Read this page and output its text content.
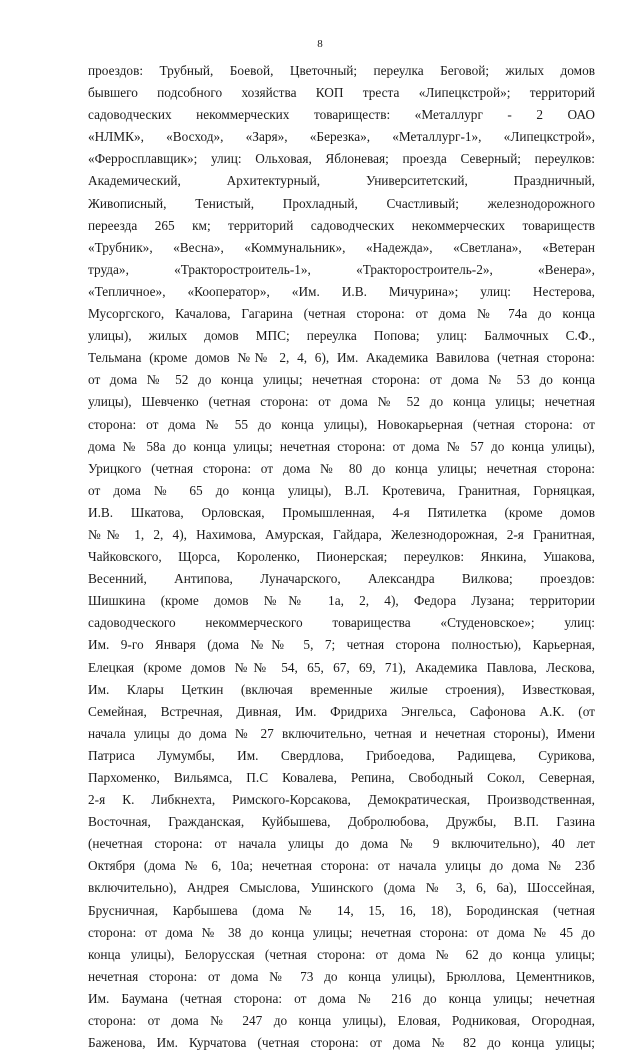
8
проездов: Трубный, Боевой, Цветочный; переулка Беговой; жилых домов
бывшего подсобного хозяйства КОП треста «Липецкстрой»; территорий
садоводческих некоммерческих товариществ: «Металлург - 2 ОАО
«НЛМК», «Восход», «Заря», «Березка», «Металлург-1», «Липецкстрой»,
«Ферросплавщик»; улиц: Ольховая, Яблоневая; проезда Северный; переулков:
Академический, Архитектурный, Университетский, Праздничный,
Живописный, Тенистый, Прохладный, Счастливый; железнодорожного
переезда 265 км; территорий садоводческих некоммерческих товариществ
«Трубник», «Весна», «Коммунальник», «Надежда», «Светлана», «Ветеран
труда», «Тракторостроитель-1», «Тракторостроитель-2», «Венера»,
«Тепличное», «Кооператор», «Им. И.В. Мичурина»; улиц: Нестерова,
Мусоргского, Качалова, Гагарина (четная сторона: от дома № 74а до конца
улицы), жилых домов МПС; переулка Попова; улиц: Балмочных С.Ф.,
Тельмана (кроме домов №№ 2, 4, 6), Им. Академика Вавилова (четная сторона:
от дома № 52 до конца улицы; нечетная сторона: от дома № 53 до конца
улицы), Шевченко (четная сторона: от дома № 52 до конца улицы; нечетная
сторона: от дома № 55 до конца улицы), Новокарьерная (четная сторона: от
дома № 58а до конца улицы; нечетная сторона: от дома № 57 до конца улицы),
Урицкого (четная сторона: от дома № 80 до конца улицы; нечетная сторона:
от дома № 65 до конца улицы), В.Л. Кротевича, Гранитная, Горняцкая,
И.В. Шкатова, Орловская, Промышленная, 4-я Пятилетка (кроме домов
№№ 1, 2, 4), Нахимова, Амурская, Гайдара, Железнодорожная, 2-я Гранитная,
Чайковского, Щорса, Короленко, Пионерская; переулков: Янкина, Ушакова,
Весенний, Антипова, Луначарского, Александра Вилкова; проездов:
Шишкина (кроме домов №№ 1а, 2, 4), Федора Лузана; территории
садоводческого некоммерческого товарищества «Студеновское»; улиц:
Им. 9-го Января (дома №№ 5, 7; четная сторона полностью), Карьерная,
Елецкая (кроме домов №№ 54, 65, 67, 69, 71), Академика Павлова, Лескова,
Им. Клары Цеткин (включая временные жилые строения), Известковая,
Семейная, Встречная, Дивная, Им. Фридриха Энгельса, Сафонова А.К. (от
начала улицы до дома № 27 включительно, четная и нечетная стороны), Имени
Патриса Лумумбы, Им. Свердлова, Грибоедова, Радищева, Сурикова,
Пархоменко, Вильямса, П.С Ковалева, Репина, Свободный Сокол, Северная,
2-я К. Либкнехта, Римского-Корсакова, Демократическая, Производственная,
Восточная, Гражданская, Куйбышева, Добролюбова, Дружбы, В.П. Газина
(нечетная сторона: от начала улицы до дома № 9 включительно), 40 лет
Октября (дома № 6, 10а; нечетная сторона: от начала улицы до дома № 23б
включительно), Андрея Смыслова, Ушинского (дома № 3, 6, 6а), Шоссейная,
Брусничная, Карбышева (дома № 14, 15, 16, 18), Бородинская (четная
сторона: от дома № 38 до конца улицы; нечетная сторона: от дома № 45 до
конца улицы), Белорусская (четная сторона: от дома № 62 до конца улицы;
нечетная сторона: от дома № 73 до конца улицы), Брюллова, Цементников,
Им. Баумана (четная сторона: от дома № 216 до конца улицы; нечетная
сторона: от дома № 247 до конца улицы), Еловая, Родниковая, Огородная,
Баженова, Им. Курчатова (четная сторона: от дома № 82 до конца улицы;
